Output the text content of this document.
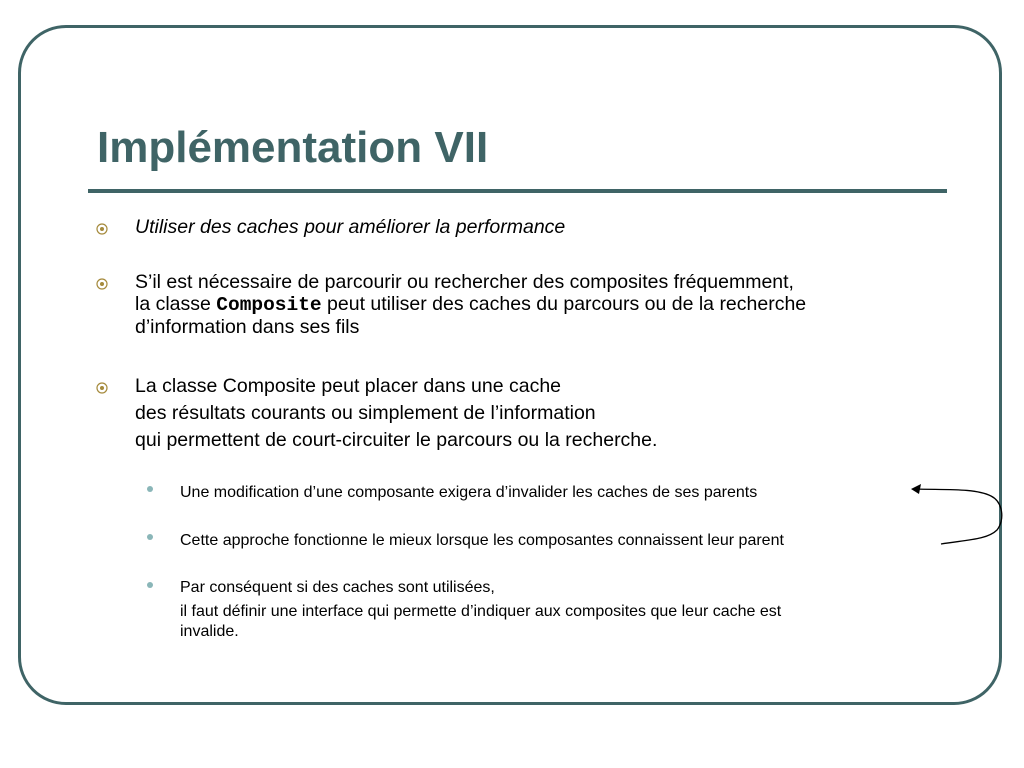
Implémentation VII
Utiliser des caches pour améliorer la performance
S’il est nécessaire de parcourir ou rechercher des composites fréquemment,
la classe Composite peut utiliser des caches du parcours ou de la recherche
d’information dans ses fils
La classe Composite peut placer dans une cache
des résultats courants ou simplement de l’information
qui permettent de court-circuiter le parcours ou la recherche.
Une modification d’une composante exigera d’invalider les caches de ses parents
Cette approche fonctionne le mieux lorsque les composantes connaissent leur parent
Par conséquent si des caches sont utilisées,
il faut définir une interface qui permette d’indiquer aux composites que leur cache est
invalide.
